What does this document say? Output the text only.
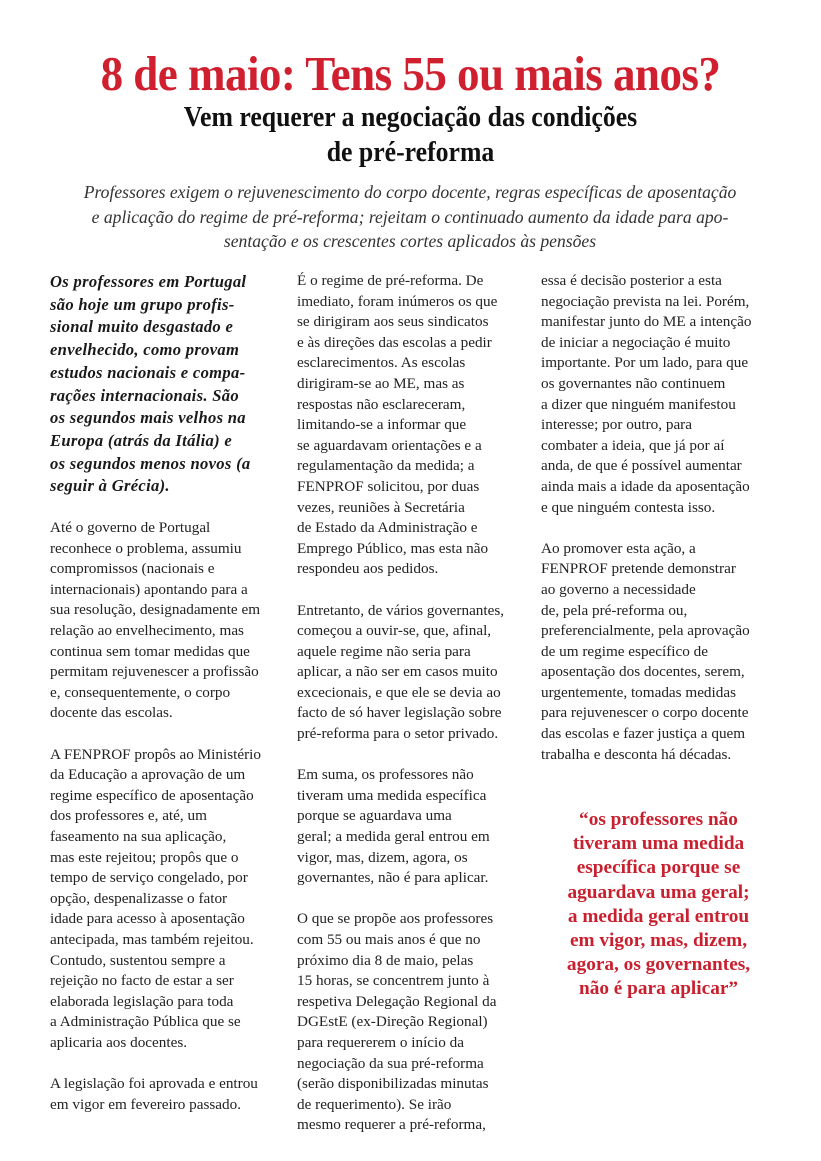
8 de maio: Tens 55 ou mais anos?
Vem requerer a negociação das condições
de pré-reforma
Professores exigem o rejuvenescimento do corpo docente, regras específicas de aposentação
e aplicação do regime de pré-reforma; rejeitam o continuado aumento da idade para apo-
sentação e os crescentes cortes aplicados às pensões

Os professores em Portugal
são hoje um grupo profis-
sional muito desgastado e
envelhecido, como provam
estudos nacionais e compa-
rações internacionais. São
os segundos mais velhos na
Europa (atrás da Itália) e
os segundos menos novos (a
seguir à Grécia).

Até o governo de Portugal
reconhece o problema, assumiu
compromissos (nacionais e
internacionais) apontando para a
sua resolução, designadamente em
relação ao envelhecimento, mas
continua sem tomar medidas que
permitam rejuvenescer a profissão
e, consequentemente, o corpo
docente das escolas.

A FENPROF propôs ao Ministério
da Educação a aprovação de um
regime específico de aposentação
dos professores e, até, um
faseamento na sua aplicação,
mas este rejeitou; propôs que o
tempo de serviço congelado, por
opção, despenalizasse o fator
idade para acesso à aposentação
antecipada, mas também rejeitou.
Contudo, sustentou sempre a
rejeição no facto de estar a ser
elaborada legislação para toda
a Administração Pública que se
aplicaria aos docentes.

A legislação foi aprovada e entrou
em vigor em fevereiro passado.

É o regime de pré-reforma. De
imediato, foram inúmeros os que
se dirigiram aos seus sindicatos
e às direções das escolas a pedir
esclarecimentos. As escolas
dirigiram-se ao ME, mas as
respostas não esclareceram,
limitando-se a informar que
se aguardavam orientações e a
regulamentação da medida; a
FENPROF solicitou, por duas
vezes, reuniões à Secretária
de Estado da Administração e
Emprego Público, mas esta não
respondeu aos pedidos.

Entretanto, de vários governantes,
começou a ouvir-se, que, afinal,
aquele regime não seria para
aplicar, a não ser em casos muito
excecionais, e que ele se devia ao
facto de só haver legislação sobre
pré-reforma para o setor privado.

Em suma, os professores não
tiveram uma medida específica
porque se aguardava uma
geral; a medida geral entrou em
vigor, mas, dizem, agora, os
governantes, não é para aplicar.

O que se propõe aos professores
com 55 ou mais anos é que no
próximo dia 8 de maio, pelas
15 horas, se concentrem junto à
respetiva Delegação Regional da
DGEstE (ex-Direção Regional)
para requererem o início da
negociação da sua pré-reforma
(serão disponibilizadas minutas
de requerimento). Se irão
mesmo requerer a pré-reforma,

essa é decisão posterior a esta
negociação prevista na lei. Porém,
manifestar junto do ME a intenção
de iniciar a negociação é muito
importante. Por um lado, para que
os governantes não continuem
a dizer que ninguém manifestou
interesse; por outro, para
combater a ideia, que já por aí
anda, de que é possível aumentar
ainda mais a idade da aposentação
e que ninguém contesta isso.

Ao promover esta ação, a
FENPROF pretende demonstrar
ao governo a necessidade
de, pela pré-reforma ou,
preferencialmente, pela aprovação
de um regime específico de
aposentação dos docentes, serem,
urgentemente, tomadas medidas
para rejuvenescer o corpo docente
das escolas e fazer justiça a quem
trabalha e desconta há décadas.

“os professores não
tiveram uma medida
específica porque se
aguardava uma geral;
a medida geral entrou
em vigor, mas, dizem,
agora, os governantes,
não é para aplicar”
